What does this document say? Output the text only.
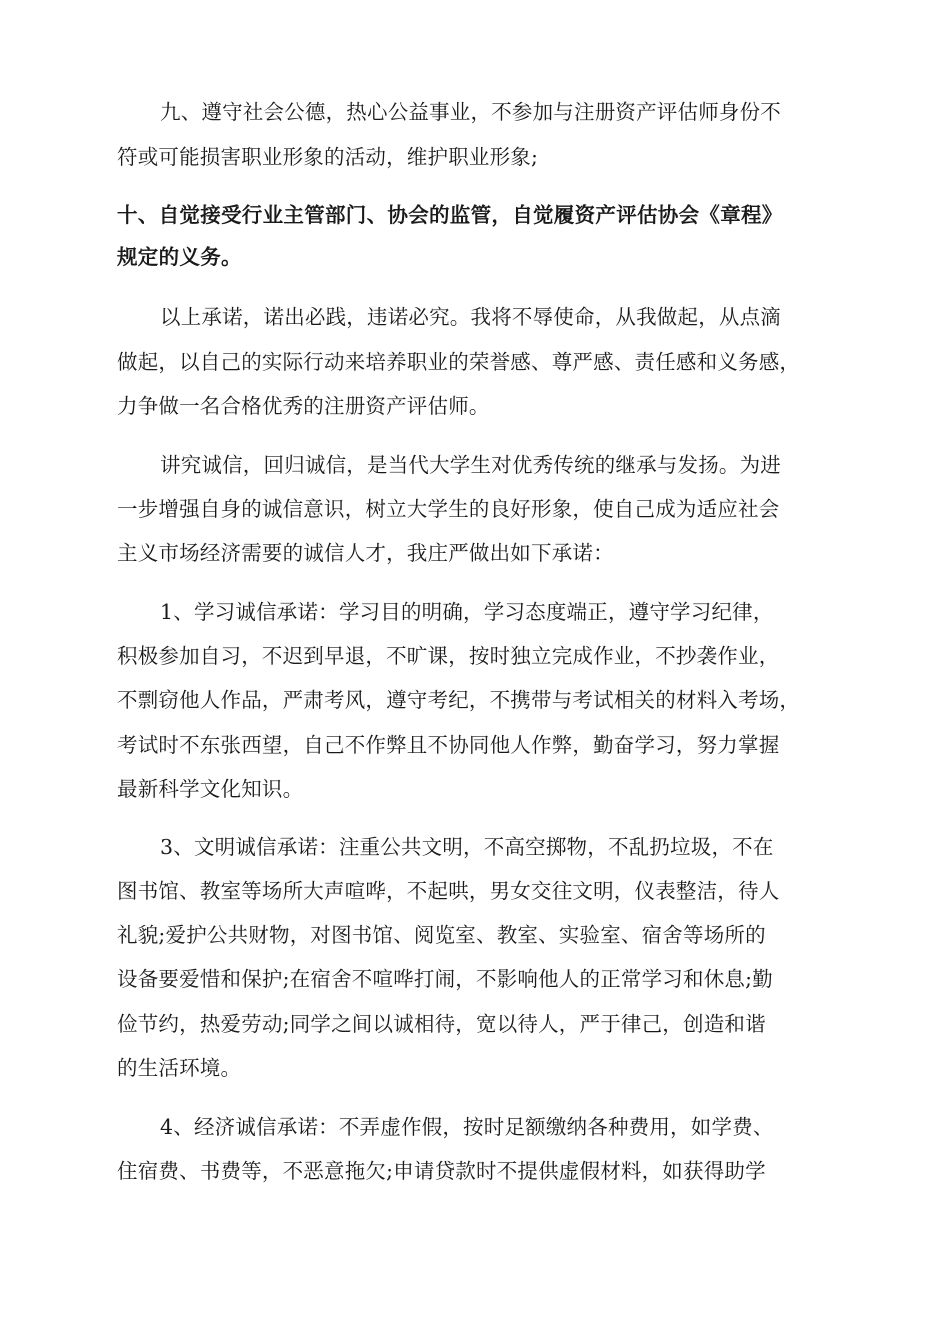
九、遵守社会公德，热心公益事业，不参加与注册资产评估师身份不
符或可能损害职业形象的活动，维护职业形象;
十、自觉接受行业主管部门、协会的监管，自觉履资产评估协会《章程》
规定的义务。
以上承诺，诺出必践，违诺必究。我将不辱使命，从我做起，从点滴
做起，以自己的实际行动来培养职业的荣誉感、尊严感、责任感和义务感，
力争做一名合格优秀的注册资产评估师。
讲究诚信，回归诚信，是当代大学生对优秀传统的继承与发扬。为进
一步增强自身的诚信意识，树立大学生的良好形象，使自己成为适应社会
主义市场经济需要的诚信人才，我庄严做出如下承诺：
1、学习诚信承诺：学习目的明确，学习态度端正，遵守学习纪律，
积极参加自习，不迟到早退，不旷课，按时独立完成作业，不抄袭作业，
不剽窃他人作品，严肃考风，遵守考纪，不携带与考试相关的材料入考场，
考试时不东张西望，自己不作弊且不协同他人作弊，勤奋学习，努力掌握
最新科学文化知识。
3、文明诚信承诺：注重公共文明，不高空掷物，不乱扔垃圾，不在
图书馆、教室等场所大声喧哗，不起哄，男女交往文明，仪表整洁，待人
礼貌;爱护公共财物，对图书馆、阅览室、教室、实验室、宿舍等场所的
设备要爱惜和保护;在宿舍不喧哗打闹，不影响他人的正常学习和休息;勤
俭节约，热爱劳动;同学之间以诚相待，宽以待人，严于律己，创造和谐
的生活环境。
4、经济诚信承诺：不弄虚作假，按时足额缴纳各种费用，如学费、
住宿费、书费等，不恶意拖欠;申请贷款时不提供虚假材料，如获得助学
